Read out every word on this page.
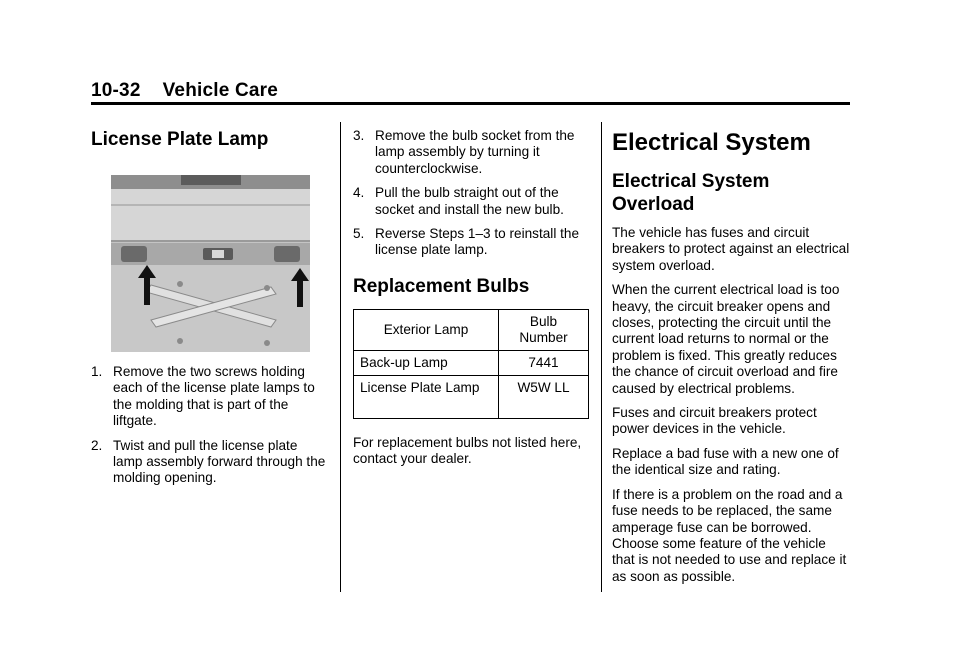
10-32 Vehicle Care
License Plate Lamp
1. Remove the two screws holding each of the license plate lamps to the molding that is part of the liftgate.
2. Twist and pull the license plate lamp assembly forward through the molding opening.
3. Remove the bulb socket from the lamp assembly by turning it counterclockwise.
4. Pull the bulb straight out of the socket and install the new bulb.
5. Reverse Steps 1–3 to reinstall the license plate lamp.
Replacement Bulbs
Exterior Lamp	Bulb Number
Back-up Lamp	7441
License Plate Lamp	W5W LL

For replacement bulbs not listed here, contact your dealer.

Electrical System
Electrical System Overload

The vehicle has fuses and circuit breakers to protect against an electrical system overload.

When the current electrical load is too heavy, the circuit breaker opens and closes, protecting the circuit until the current load returns to normal or the problem is fixed. This greatly reduces the chance of circuit overload and fire caused by electrical problems.

Fuses and circuit breakers protect power devices in the vehicle.

Replace a bad fuse with a new one of the identical size and rating.

If there is a problem on the road and a fuse needs to be replaced, the same amperage fuse can be borrowed. Choose some feature of the vehicle that is not needed to use and replace it as soon as possible.
